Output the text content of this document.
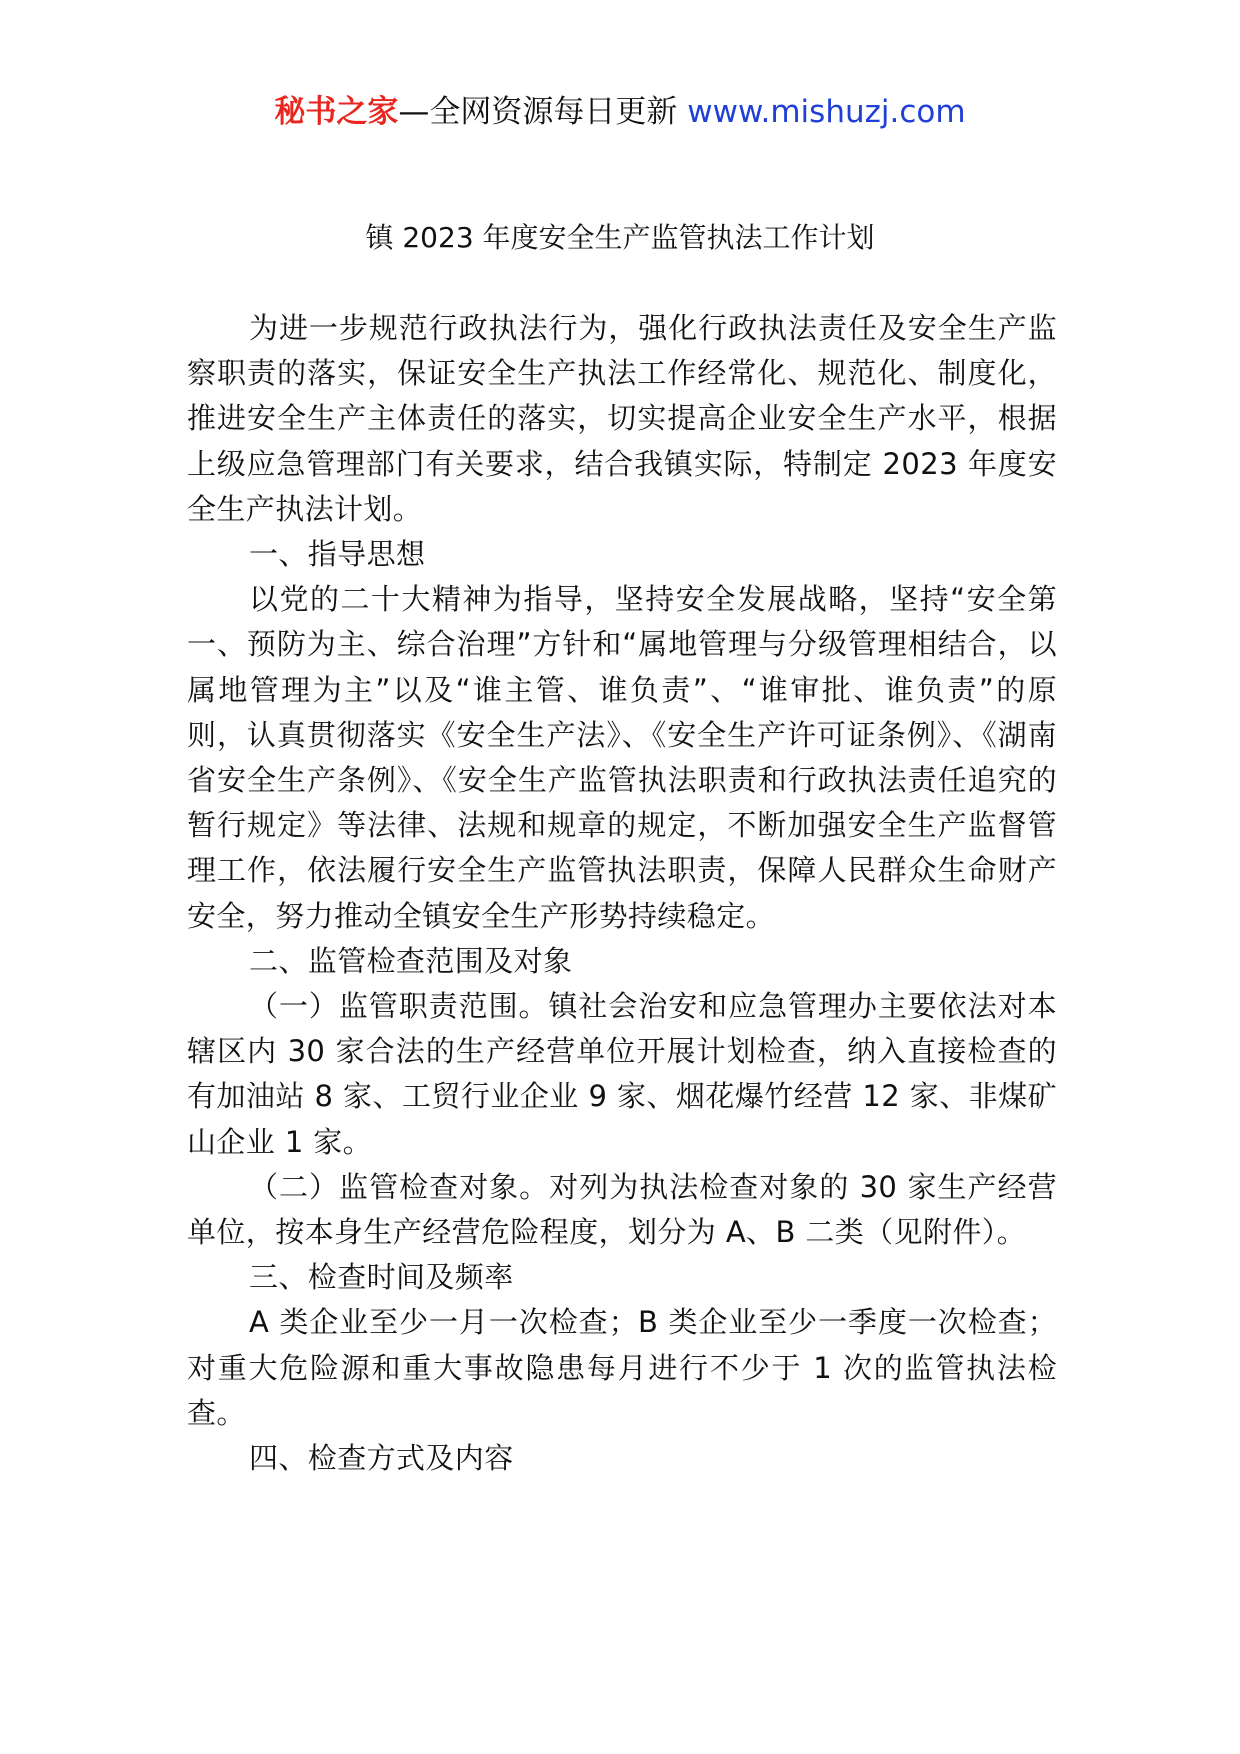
秘书之家—全网资源每日更新 www.mishuzj.com
镇 2023 年度安全生产监管执法工作计划

为进一步规范行政执法行为，强化行政执法责任及安全生产监察职责的落实，保证安全生产执法工作经常化、规范化、制度化，推进安全生产主体责任的落实，切实提高企业安全生产水平，根据上级应急管理部门有关要求，结合我镇实际，特制定 2023 年度安全生产执法计划。

一、指导思想

以党的二十大精神为指导，坚持安全发展战略，坚持“安全第一、预防为主、综合治理”方针和“属地管理与分级管理相结合，以属地管理为主”以及“谁主管、谁负责”、“谁审批、谁负责”的原则，认真贯彻落实《安全生产法》、《安全生产许可证条例》、《湖南省安全生产条例》、《安全生产监管执法职责和行政执法责任追究的暂行规定》等法律、法规和规章的规定，不断加强安全生产监督管理工作，依法履行安全生产监管执法职责，保障人民群众生命财产安全，努力推动全镇安全生产形势持续稳定。

二、监管检查范围及对象

（一）监管职责范围。镇社会治安和应急管理办主要依法对本辖区内 30 家合法的生产经营单位开展计划检查，纳入直接检查的有加油站 8 家、工贸行业企业 9 家、烟花爆竹经营 12 家、非煤矿山企业 1 家。

（二）监管检查对象。对列为执法检查对象的 30 家生产经营单位，按本身生产经营危险程度，划分为 A、B 二类（见附件）。

三、检查时间及频率

A 类企业至少一月一次检查；B 类企业至少一季度一次检查；对重大危险源和重大事故隐患每月进行不少于 1 次的监管执法检查。

四、检查方式及内容
